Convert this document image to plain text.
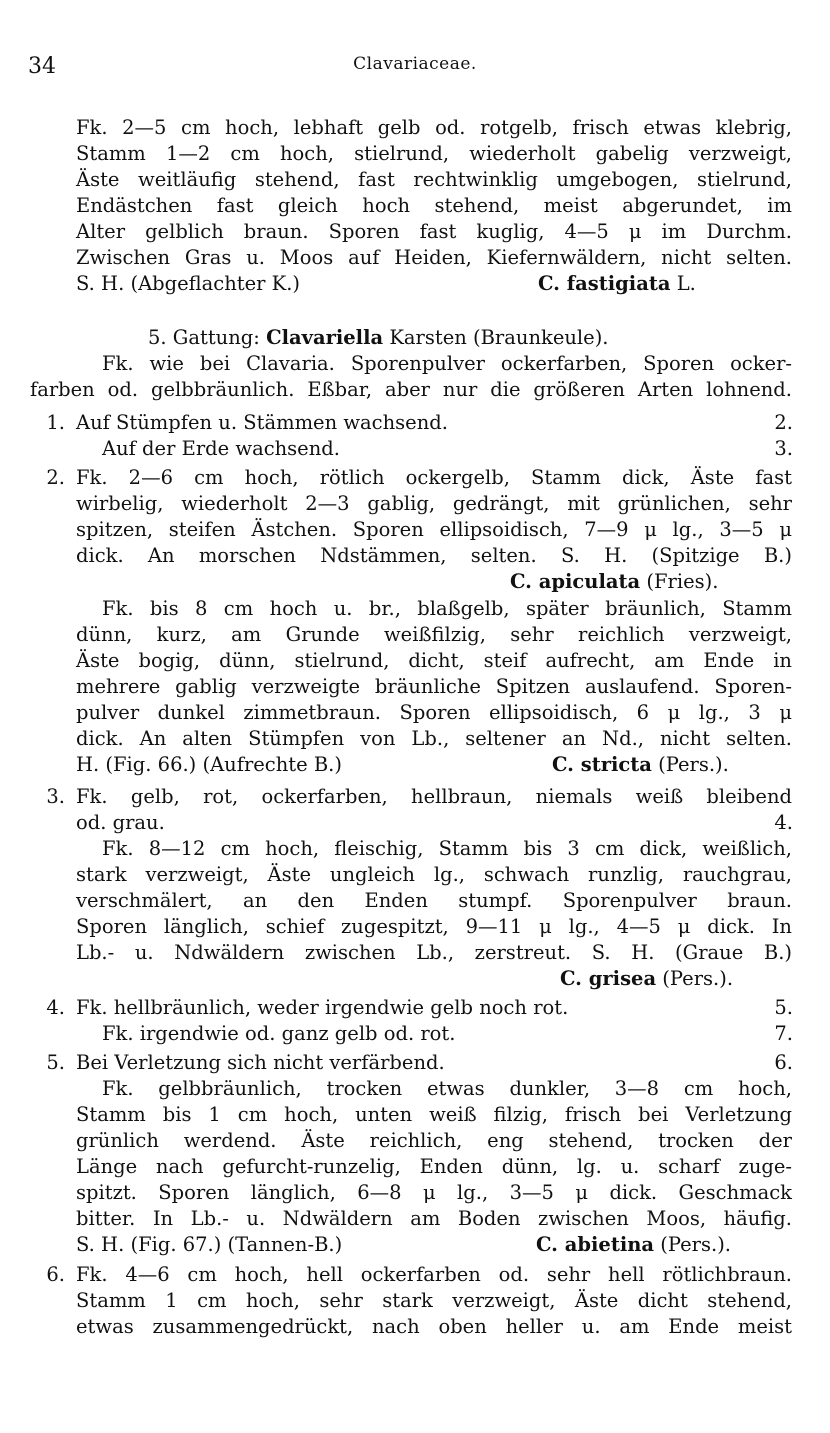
34	Clavariaceae.
Fk. 2—5 cm hoch, lebhaft gelb od. rotgelb, frisch etwas klebrig,
Stamm 1—2 cm hoch, stielrund, wiederholt gabelig verzweigt,
Äste weitläufig stehend, fast rechtwinklig umgebogen, stielrund,
Endästchen fast gleich hoch stehend, meist abgerundet, im
Alter gelblich braun. Sporen fast kuglig, 4—5 μ im Durchm.
Zwischen Gras u. Moos auf Heiden, Kiefernwäldern, nicht selten.
S. H. (Abgeflachter K.)	C. fastigiata L.
5. Gattung: Clavariella Karsten (Braunkeule).
Fk. wie bei Clavaria. Sporenpulver ockerfarben, Sporen ocker-
farben od. gelbbräunlich. Eßbar, aber nur die größeren Arten lohnend.
1. Auf Stümpfen u. Stämmen wachsend.	2.
Auf der Erde wachsend.	3.
2. Fk. 2—6 cm hoch, rötlich ockergelb, Stamm dick, Äste fast
wirbelig, wiederholt 2—3 gablig, gedrängt, mit grünlichen, sehr
spitzen, steifen Ästchen. Sporen ellipsoidisch, 7—9 μ lg., 3—5 μ
dick. An morschen Ndstämmen, selten. S. H. (Spitzige B.)
C. apiculata (Fries).
Fk. bis 8 cm hoch u. br., blaßgelb, später bräunlich, Stamm
dünn, kurz, am Grunde weißfilzig, sehr reichlich verzweigt,
Äste bogig, dünn, stielrund, dicht, steif aufrecht, am Ende in
mehrere gablig verzweigte bräunliche Spitzen auslaufend. Sporen-
pulver dunkel zimmetbraun. Sporen ellipsoidisch, 6 μ lg., 3 μ
dick. An alten Stümpfen von Lb., seltener an Nd., nicht selten.
H. (Fig. 66.) (Aufrechte B.)	C. stricta (Pers.).
3. Fk. gelb, rot, ockerfarben, hellbraun, niemals weiß bleibend
od. grau.	4.
Fk. 8—12 cm hoch, fleischig, Stamm bis 3 cm dick, weißlich,
stark verzweigt, Äste ungleich lg., schwach runzlig, rauchgrau,
verschmälert, an den Enden stumpf. Sporenpulver braun.
Sporen länglich, schief zugespitzt, 9—11 μ lg., 4—5 μ dick. In
Lb.- u. Ndwäldern zwischen Lb., zerstreut. S. H. (Graue B.)
C. grisea (Pers.).
4. Fk. hellbräunlich, weder irgendwie gelb noch rot.	5.
Fk. irgendwie od. ganz gelb od. rot.	7.
5. Bei Verletzung sich nicht verfärbend.	6.
Fk. gelbbräunlich, trocken etwas dunkler, 3—8 cm hoch,
Stamm bis 1 cm hoch, unten weiß filzig, frisch bei Verletzung
grünlich werdend. Äste reichlich, eng stehend, trocken der
Länge nach gefurcht-runzelig, Enden dünn, lg. u. scharf zuge-
spitzt. Sporen länglich, 6—8 μ lg., 3—5 μ dick. Geschmack
bitter. In Lb.- u. Ndwäldern am Boden zwischen Moos, häufig.
S. H. (Fig. 67.) (Tannen-B.)	C. abietina (Pers.).
6. Fk. 4—6 cm hoch, hell ockerfarben od. sehr hell rötlichbraun.
Stamm 1 cm hoch, sehr stark verzweigt, Äste dicht stehend,
etwas zusammengedrückt, nach oben heller u. am Ende meist
